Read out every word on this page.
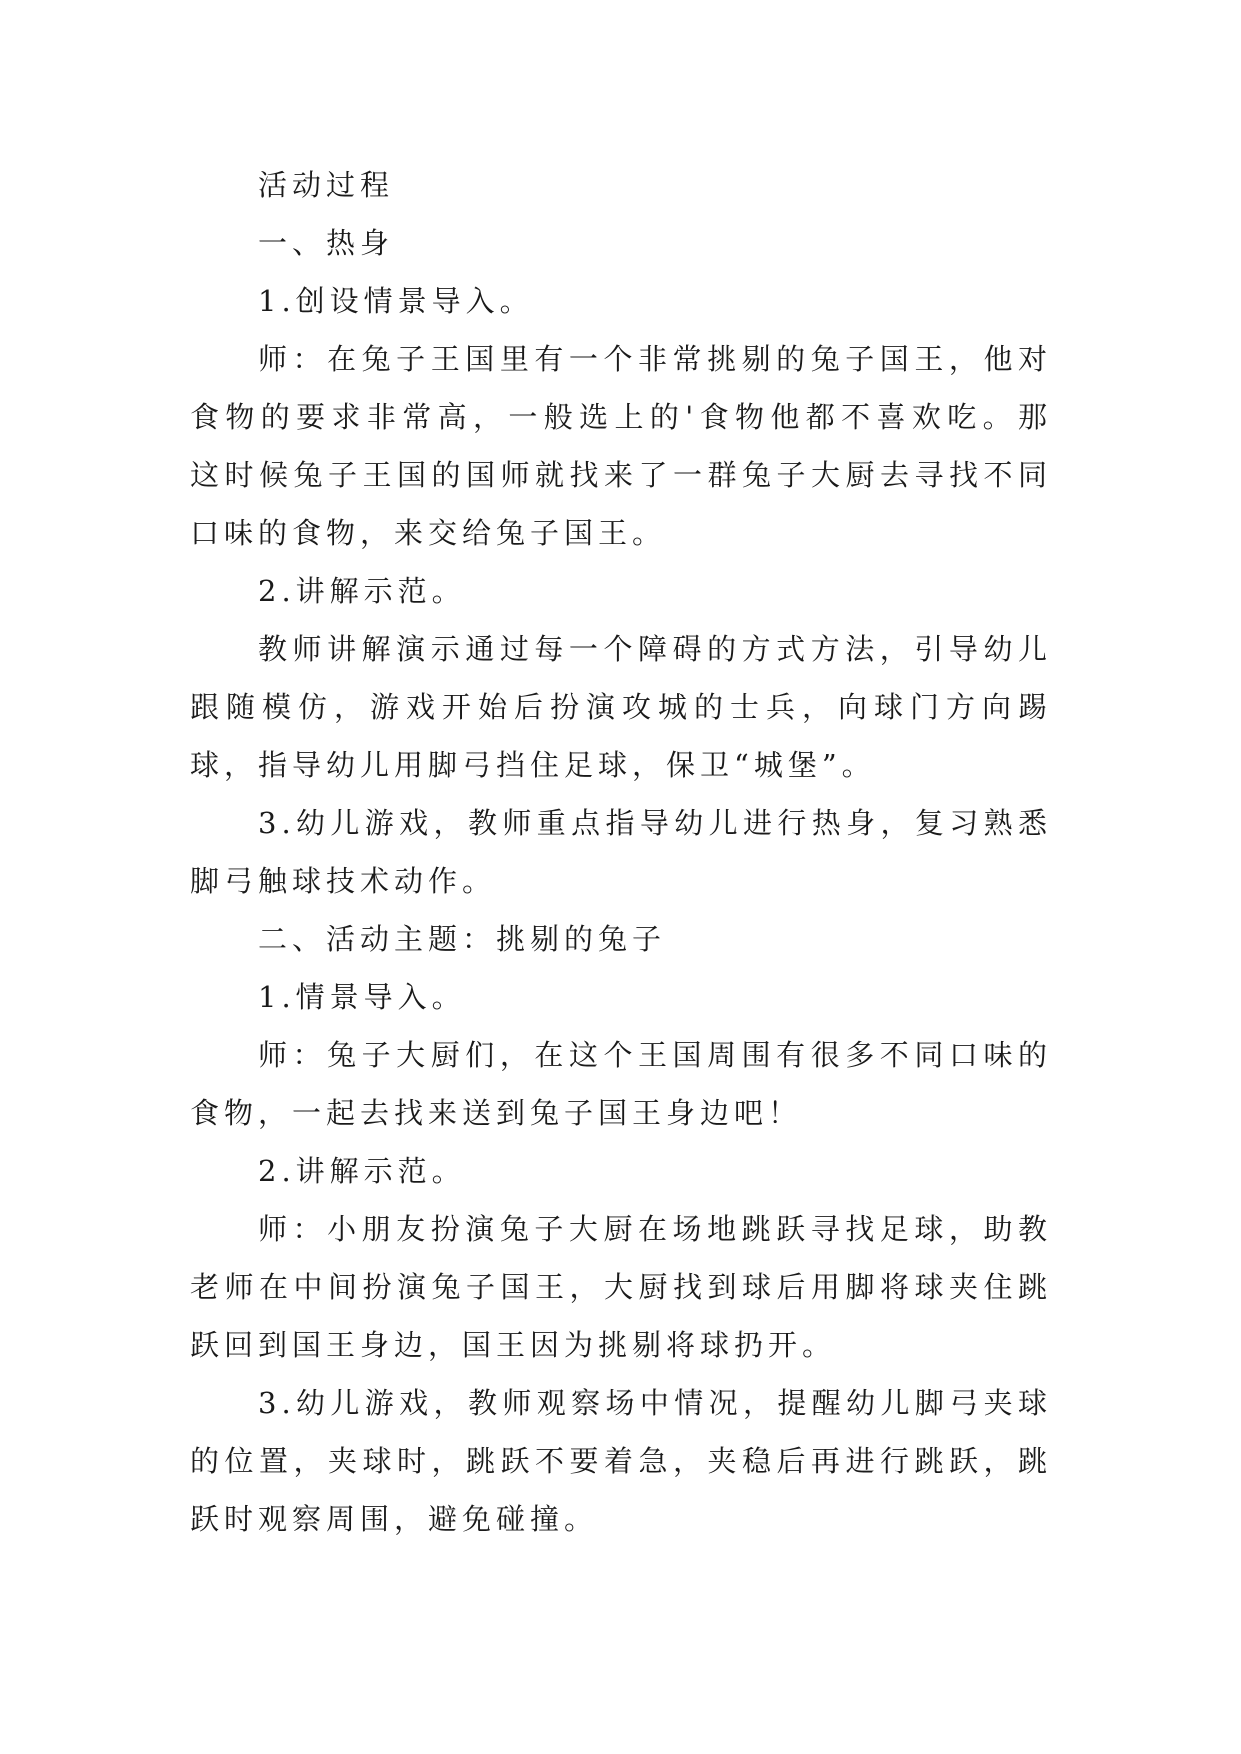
活动过程

一、热身

1.创设情景导入。

师：在兔子王国里有一个非常挑剔的兔子国王，他对食物的要求非常高，一般选上的'食物他都不喜欢吃。那这时候兔子王国的国师就找来了一群兔子大厨去寻找不同口味的食物，来交给兔子国王。

2.讲解示范。

教师讲解演示通过每一个障碍的方式方法，引导幼儿跟随模仿，游戏开始后扮演攻城的士兵，向球门方向踢球，指导幼儿用脚弓挡住足球，保卫“城堡”。

3.幼儿游戏，教师重点指导幼儿进行热身，复习熟悉脚弓触球技术动作。

二、活动主题：挑剔的兔子

1.情景导入。

师：兔子大厨们，在这个王国周围有很多不同口味的食物，一起去找来送到兔子国王身边吧！

2.讲解示范。

师：小朋友扮演兔子大厨在场地跳跃寻找足球，助教老师在中间扮演兔子国王，大厨找到球后用脚将球夹住跳跃回到国王身边，国王因为挑剔将球扔开。

3.幼儿游戏，教师观察场中情况，提醒幼儿脚弓夹球的位置，夹球时，跳跃不要着急，夹稳后再进行跳跃，跳跃时观察周围，避免碰撞。
